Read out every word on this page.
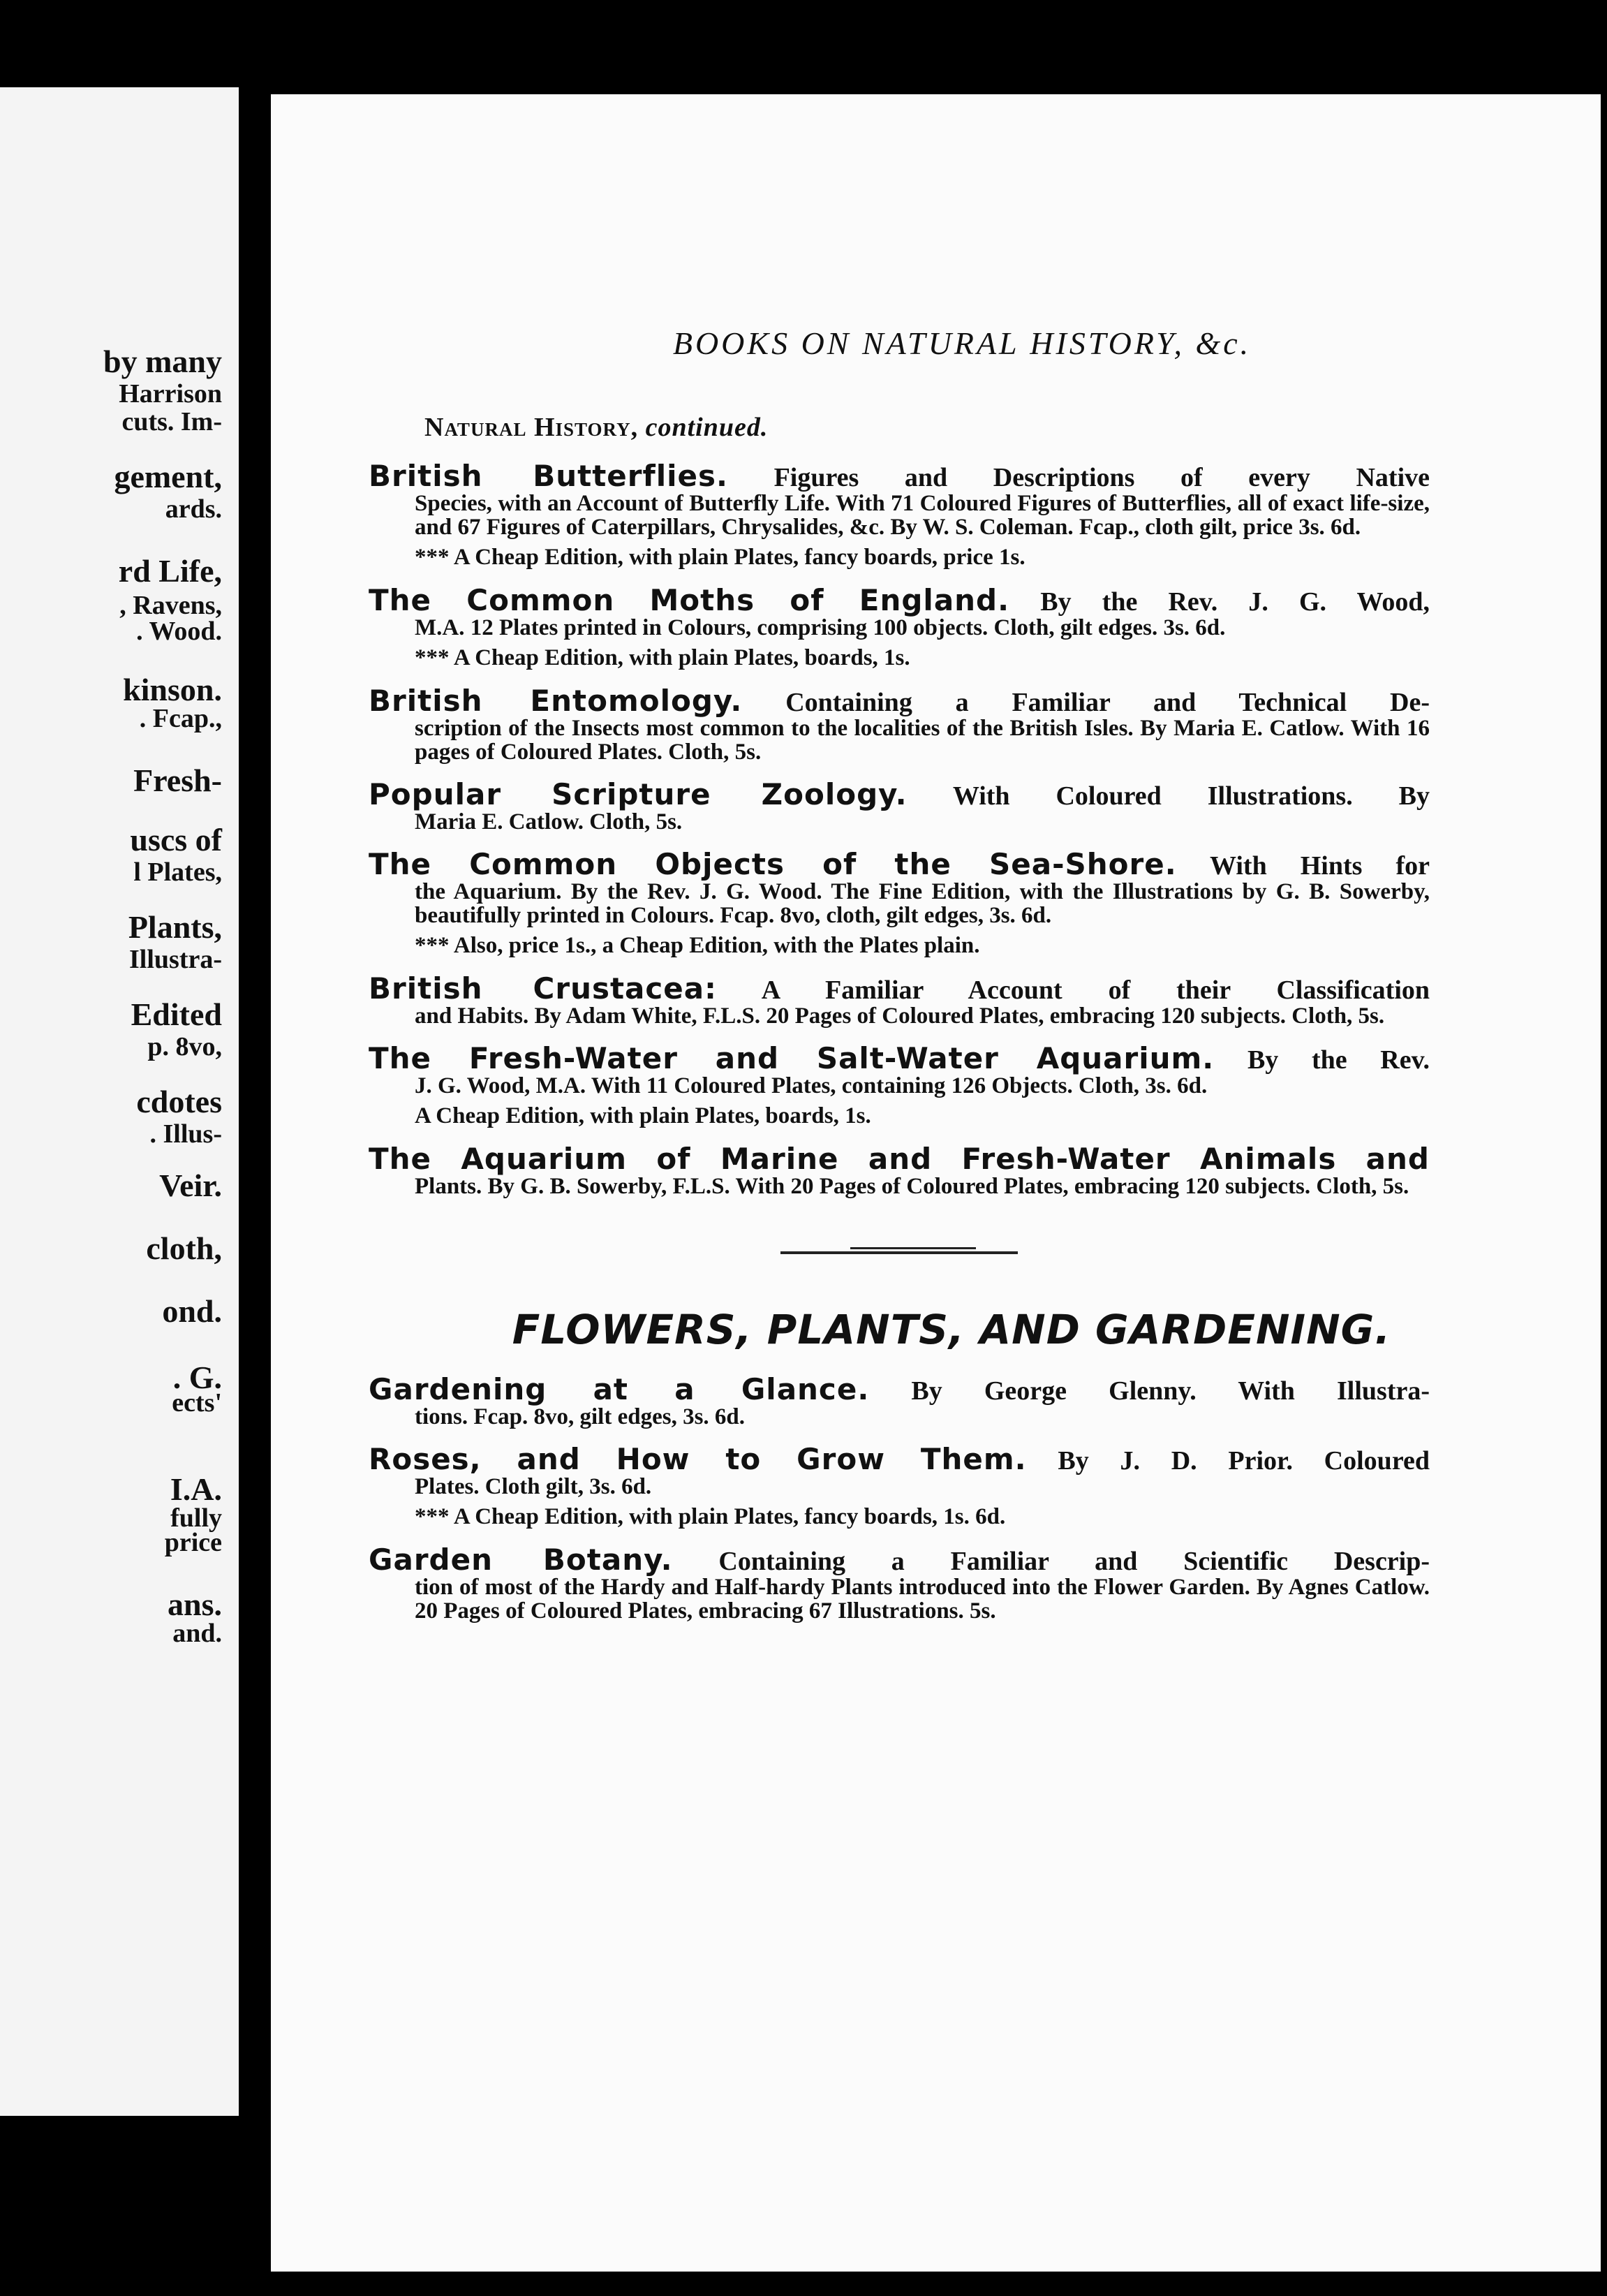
by many
Harrison
cuts. Im-
gement,
ards.
rd Life,
, Ravens,
. Wood.
kinson.
. Fcap.,
Fresh-
uscs of
l Plates,
Plants,
Illustra-
Edited
p. 8vo,
cdotes
. Illus-
Veir.
cloth,
ond.
. G.
ects'
I.A.
fully
price
ans.
and.
BOOKS ON NATURAL HISTORY, &c.
Natural History, continued.

British Butterflies. Figures and Descriptions of every Native

Species, with an Account of Butterfly Life. With 71 Coloured Figures of Butterflies, all of exact life-size, and 67 Figures of Caterpillars, Chrysalides, &c. By W. S. Coleman. Fcap., cloth gilt, price 3s. 6d.

*** A Cheap Edition, with plain Plates, fancy boards, price 1s.

The Common Moths of England. By the Rev. J. G. Wood,

M.A. 12 Plates printed in Colours, comprising 100 objects. Cloth, gilt edges. 3s. 6d.

*** A Cheap Edition, with plain Plates, boards, 1s.

British Entomology. Containing a Familiar and Technical De-

scription of the Insects most common to the localities of the British Isles. By Maria E. Catlow. With 16 pages of Coloured Plates. Cloth, 5s.

Popular Scripture Zoology. With Coloured Illustrations. By

Maria E. Catlow. Cloth, 5s.

The Common Objects of the Sea-Shore. With Hints for

the Aquarium. By the Rev. J. G. Wood. The Fine Edition, with the Illustrations by G. B. Sowerby, beautifully printed in Colours. Fcap. 8vo, cloth, gilt edges, 3s. 6d.

*** Also, price 1s., a Cheap Edition, with the Plates plain.

British Crustacea: A Familiar Account of their Classification

and Habits. By Adam White, F.L.S. 20 Pages of Coloured Plates, embracing 120 subjects. Cloth, 5s.

The Fresh-Water and Salt-Water Aquarium. By the Rev.

J. G. Wood, M.A. With 11 Coloured Plates, containing 126 Objects. Cloth, 3s. 6d.

A Cheap Edition, with plain Plates, boards, 1s.

The Aquarium of Marine and Fresh-Water Animals and

Plants. By G. B. Sowerby, F.L.S. With 20 Pages of Coloured Plates, embracing 120 subjects. Cloth, 5s.

FLOWERS, PLANTS, AND GARDENING.

Gardening at a Glance. By George Glenny. With Illustra-

tions. Fcap. 8vo, gilt edges, 3s. 6d.

Roses, and How to Grow Them. By J. D. Prior. Coloured

Plates. Cloth gilt, 3s. 6d.

*** A Cheap Edition, with plain Plates, fancy boards, 1s. 6d.

Garden Botany. Containing a Familiar and Scientific Descrip-

tion of most of the Hardy and Half-hardy Plants introduced into the Flower Garden. By Agnes Catlow. 20 Pages of Coloured Plates, embracing 67 Illustrations. 5s.
